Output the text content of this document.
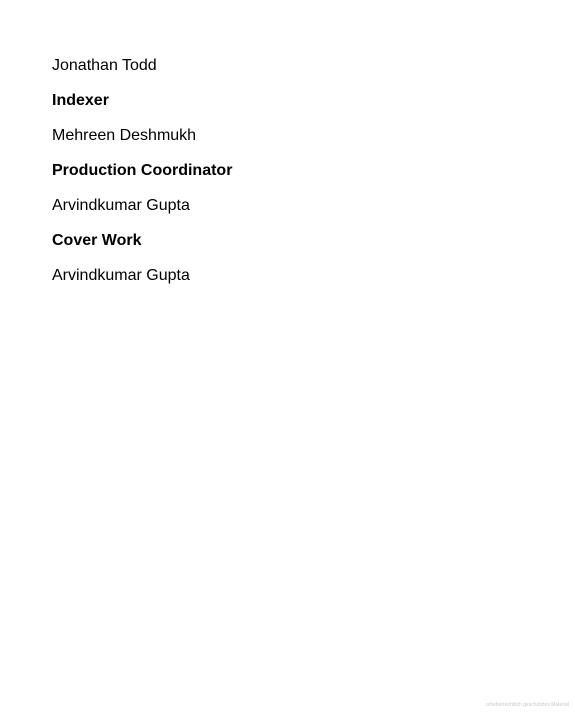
Jonathan Todd
Indexer
Mehreen Deshmukh
Production Coordinator
Arvindkumar Gupta
Cover Work
Arvindkumar Gupta
urheberrechtlich geschütztes Material
